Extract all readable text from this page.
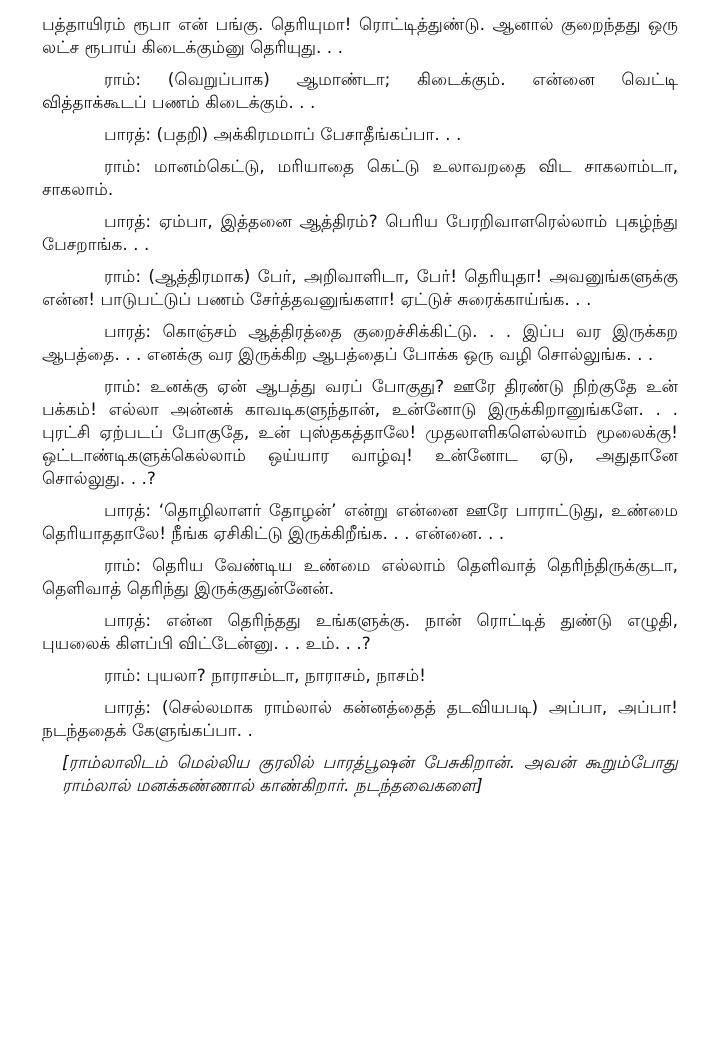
பத்தாயிரம் ரூபா என் பங்கு. தெரியுமா! ரொட்டித்துண்டு. ஆனால் குறைந்தது ஒரு லட்ச ரூபாய் கிடைக்கும்னு தெரியுது. . .

ராம்: (வெறுப்பாக) ஆமாண்டா; கிடைக்கும். என்னை வெட்டி வித்தாக்கூடப் பணம் கிடைக்கும். . .

பாரத்: (பதறி) அக்கிரமமாப் பேசாதீங்கப்பா. . .

ராம்: மானம்கெட்டு, மரியாதை கெட்டு உலாவறதை விட சாகலாம்டா, சாகலாம்.

பாரத்: ஏம்பா, இத்தனை ஆத்திரம்? பெரிய பேரறிவாளரெல்லாம் புகழ்ந்து பேசறாங்க. . .

ராம்: (ஆத்திரமாக) பேர், அறிவாளிடா, பேர்! தெரியுதா! அவனுங்களுக்கு என்ன! பாடுபட்டுப் பணம் சேர்த்தவனுங்களா! ஏட்டுச் சுரைக்காய்ங்க. . .

பாரத்: கொஞ்சம் ஆத்திரத்தை குறைச்சிக்கிட்டு. . . இப்ப வர இருக்கற ஆபத்தை. . . எனக்கு வர இருக்கிற ஆபத்தைப் போக்க ஒரு வழி சொல்லுங்க. . .

ராம்: உனக்கு ஏன் ஆபத்து வரப் போகுது? ஊரே திரண்டு நிற்குதே உன் பக்கம்! எல்லா அன்னக் காவடிகளுந்தான், உன்னோடு இருக்கிறானுங்களே. . . புரட்சி ஏற்படப் போகுதே, உன் புஸ்தகத்தாலே! முதலாளிகளெல்லாம் மூலைக்கு! ஒட்டாண்டிகளுக்கெல்லாம் ஒய்யார வாழ்வு! உன்னோட ஏடு, அதுதானே சொல்லுது. . .?

பாரத்: ‘தொழிலாளர் தோழன்’ என்று என்னை ஊரே பாராட்டுது, உண்மை தெரியாததாலே! நீங்க ஏசிகிட்டு இருக்கிறீங்க. . . என்னை. . .

ராம்: தெரிய வேண்டிய உண்மை எல்லாம் தெளிவாத் தெரிந்திருக்குடா, தெளிவாத் தெரிந்து இருக்குதுன்னேன்.

பாரத்: என்ன தெரிந்தது உங்களுக்கு. நான் ரொட்டித் துண்டு எழுதி, புயலைக் கிளப்பி விட்டேன்னு. . . உம். . .?

ராம்: புயலா? நாராசம்டா, நாராசம், நாசம்!

பாரத்: (செல்லமாக ராம்லால் கன்னத்தைத் தடவியபடி) அப்பா, அப்பா! நடந்ததைக் கேளுங்கப்பா. .

[ராம்லாலிடம் மெல்லிய குரலில் பாரத்பூஷன் பேசுகிறான். அவன் கூறும்போது ராம்லால் மனக்கண்ணால் காண்கிறார். நடந்தவைகளை]
